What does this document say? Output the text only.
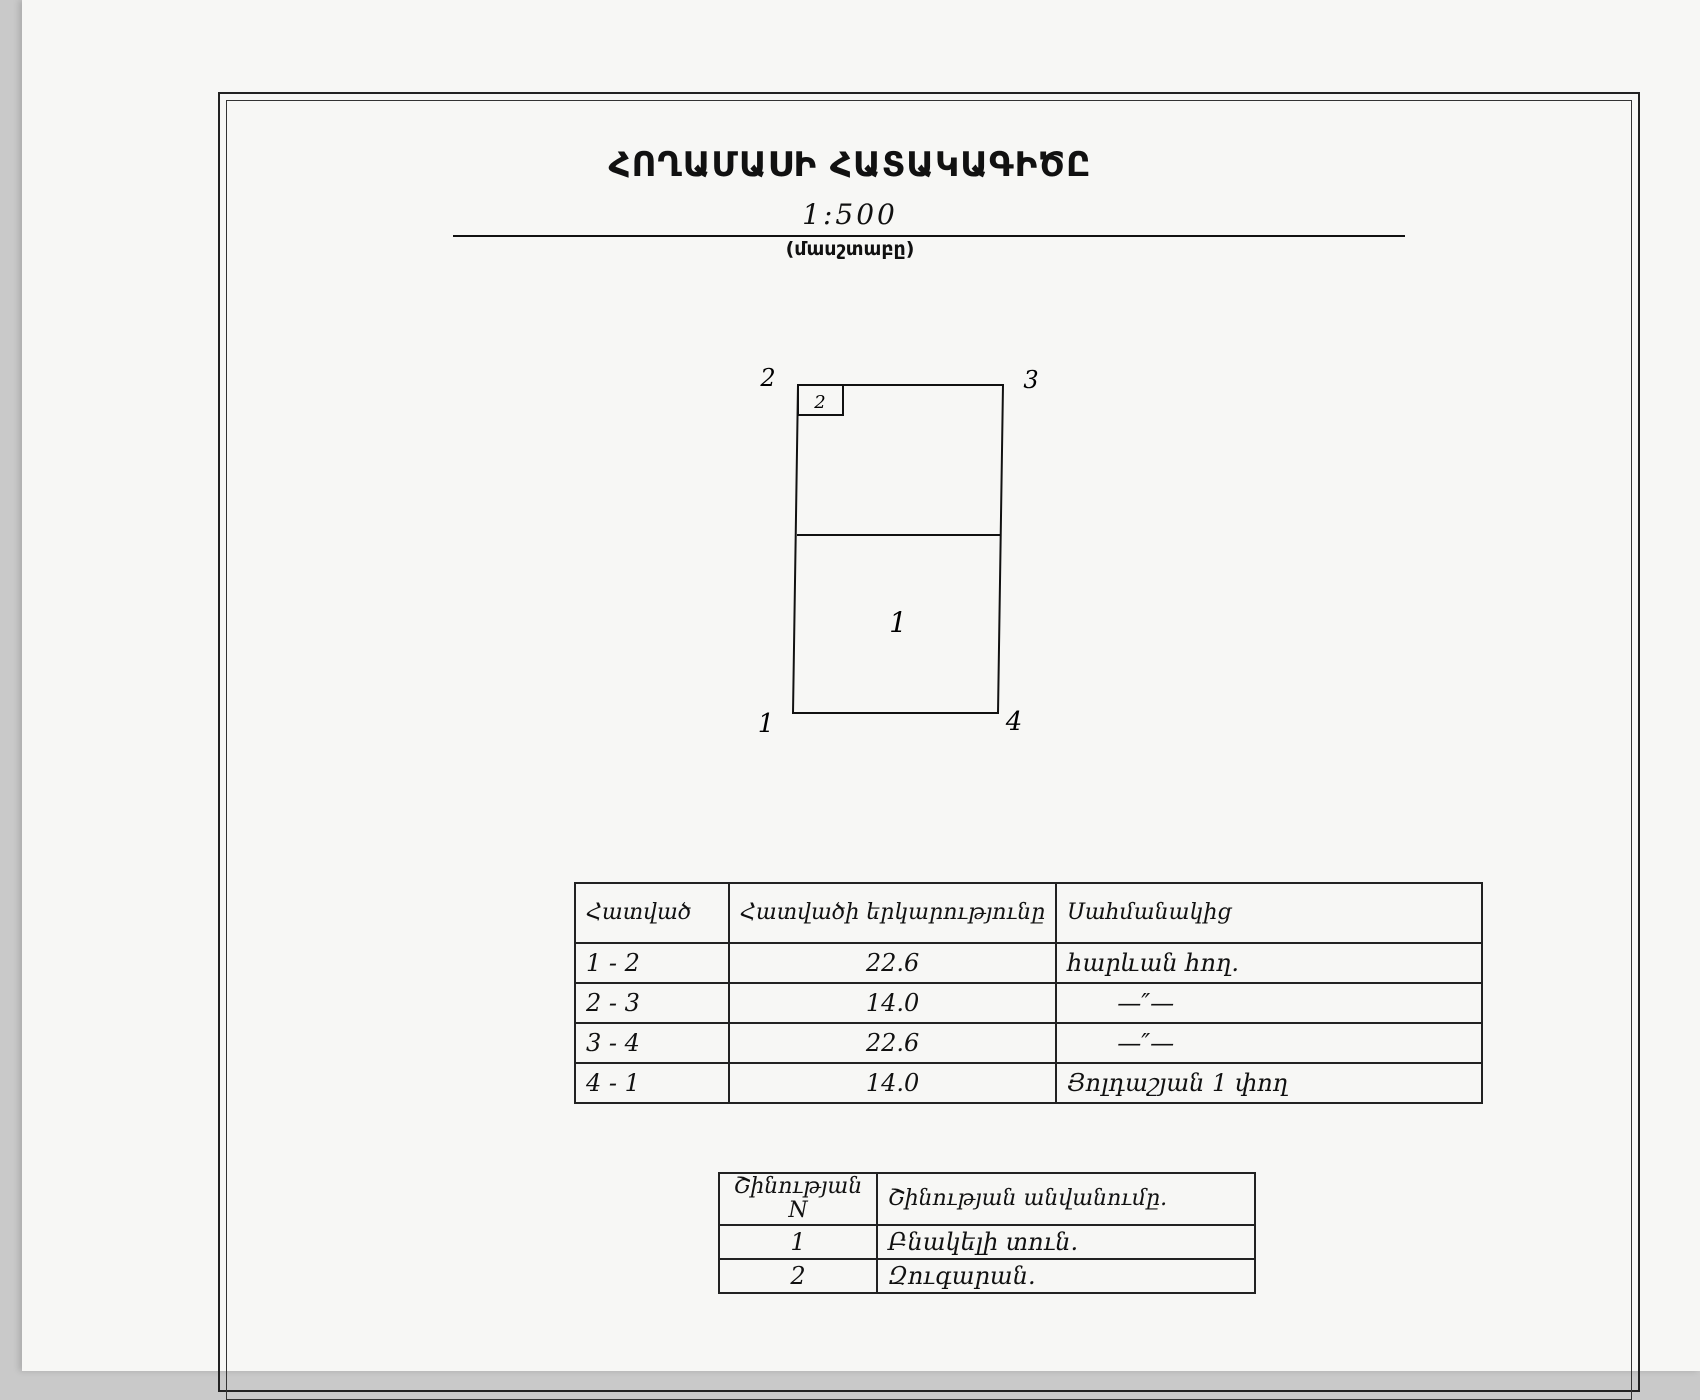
ՀՈՂԱՄԱՍԻ ՀԱՏԱԿԱԳԻԾԸ
1:500
(մասշտաբը)
2
1
2	3
1	4
Հատված	Հատվածի երկարությունը	Սահմանակից
1 - 2	22.6	հարևան հող.
2 - 3	14.0	—″—
3 - 4	22.6	—″—
4 - 1	14.0	Յոլդաշյան 1 փող
Շինության N	Շինության անվանումը.
1	Բնակելի տուն.
2	Զուգարան.
